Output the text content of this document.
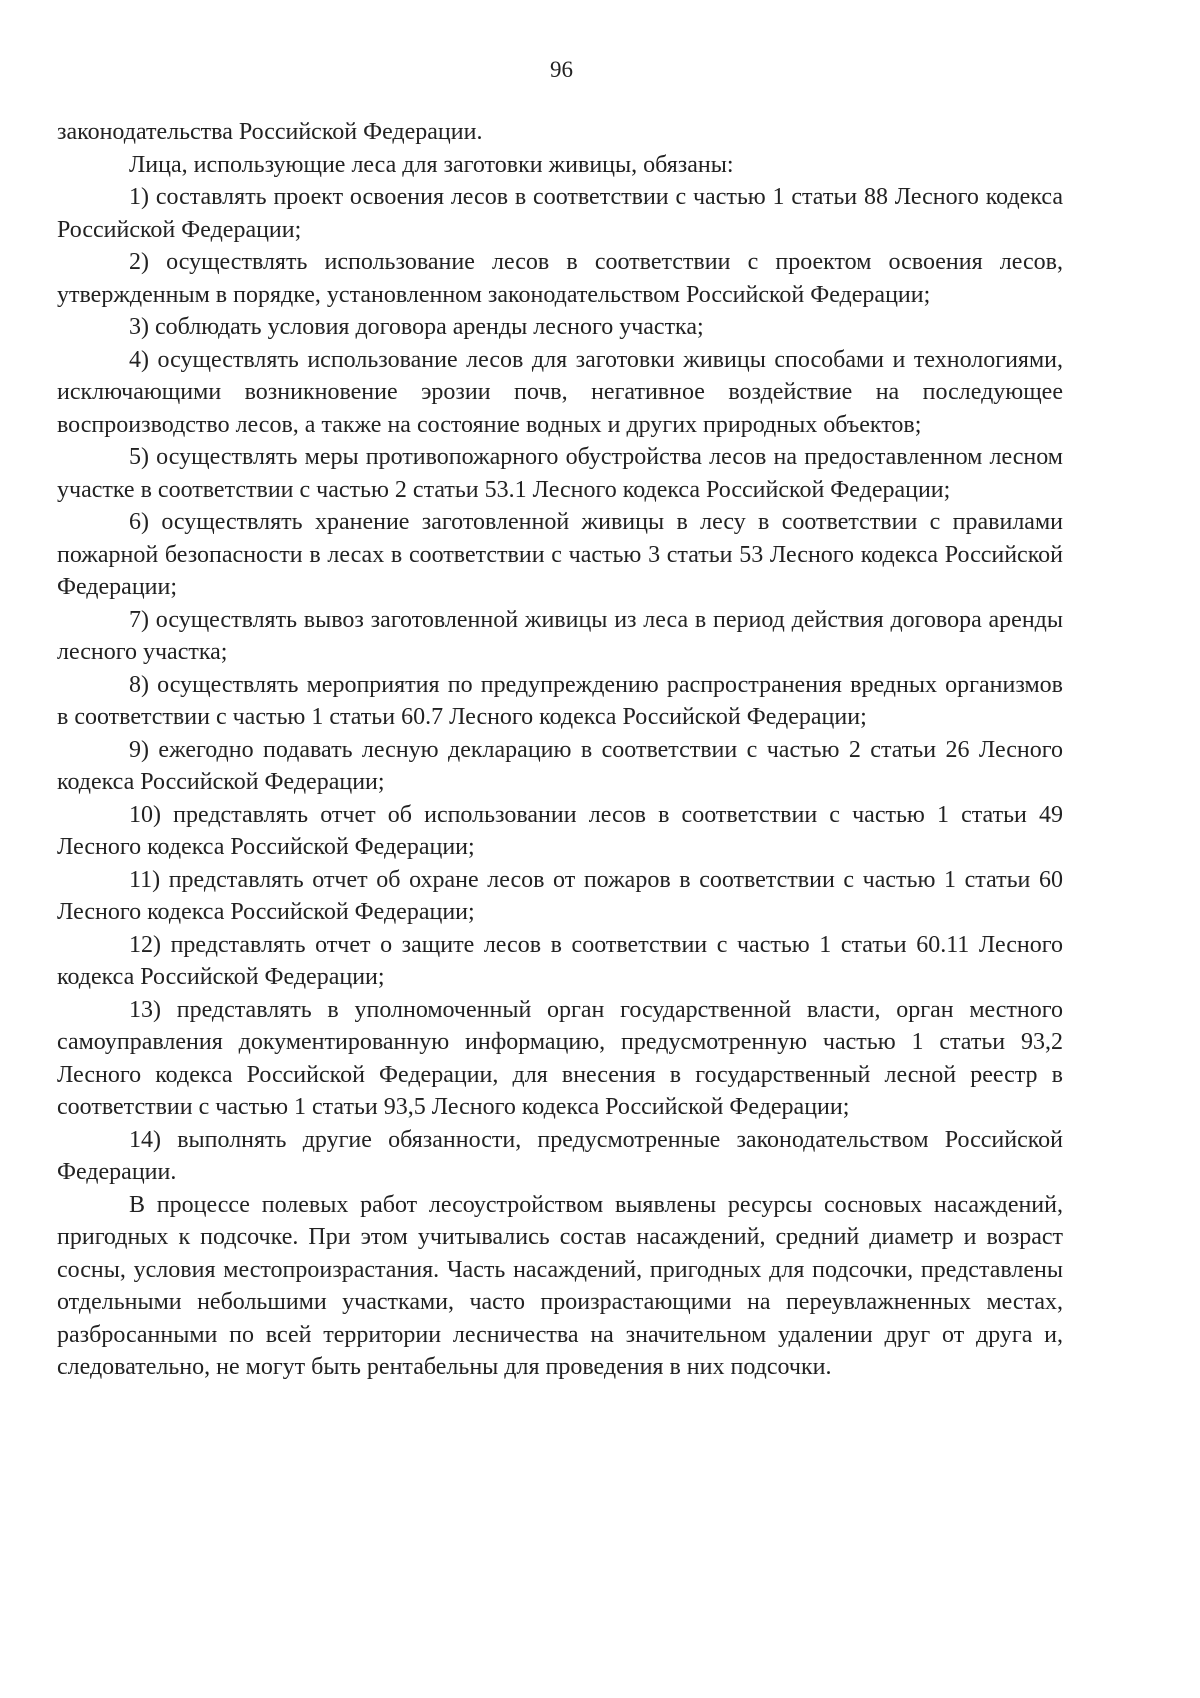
96

законодательства Российской Федерации.

Лица, использующие леса для заготовки живицы, обязаны:

1) составлять проект освоения лесов в соответствии с частью 1 статьи 88 Лесного кодекса Российской Федерации;

2) осуществлять использование лесов в соответствии с проектом освоения лесов, утвержденным в порядке, установленном законодательством Российской Федерации;

3) соблюдать условия договора аренды лесного участка;

4) осуществлять использование лесов для заготовки живицы способами и технологиями, исключающими возникновение эрозии почв, негативное воздействие на последующее воспроизводство лесов, а также на состояние водных и других природных объектов;

5) осуществлять меры противопожарного обустройства лесов на предоставленном лесном участке в соответствии с частью 2 статьи 53.1 Лесного кодекса Российской Федерации;

6) осуществлять хранение заготовленной живицы в лесу в соответствии с правилами пожарной безопасности в лесах в соответствии с частью 3 статьи 53 Лесного кодекса Российской Федерации;

7) осуществлять вывоз заготовленной живицы из леса в период действия договора аренды лесного участка;

8) осуществлять мероприятия по предупреждению распространения вредных организмов в соответствии с частью 1 статьи 60.7 Лесного кодекса Российской Федерации;

9) ежегодно подавать лесную декларацию в соответствии с частью 2 статьи 26 Лесного кодекса Российской Федерации;

10) представлять отчет об использовании лесов в соответствии с частью 1 статьи 49 Лесного кодекса Российской Федерации;

11) представлять отчет об охране лесов от пожаров в соответствии с частью 1 статьи 60 Лесного кодекса Российской Федерации;

12) представлять отчет о защите лесов в соответствии с частью 1 статьи 60.11 Лесного кодекса Российской Федерации;

13) представлять в уполномоченный орган государственной власти, орган местного самоуправления документированную информацию, предусмотренную частью 1 статьи 93,2 Лесного кодекса Российской Федерации, для внесения в государственный лесной реестр в соответствии с частью 1 статьи 93,5 Лесного кодекса Российской Федерации;

14) выполнять другие обязанности, предусмотренные законодательством Российской Федерации.

В процессе полевых работ лесоустройством выявлены ресурсы сосновых насаждений, пригодных к подсочке. При этом учитывались состав насаждений, средний диаметр и возраст сосны, условия местопроизрастания. Часть насаждений, пригодных для подсочки, представлены отдельными небольшими участками, часто произрастающими на переувлажненных местах, разбросанными по всей территории лесничества на значительном удалении друг от друга и, следовательно, не могут быть рентабельны для проведения в них подсочки.
